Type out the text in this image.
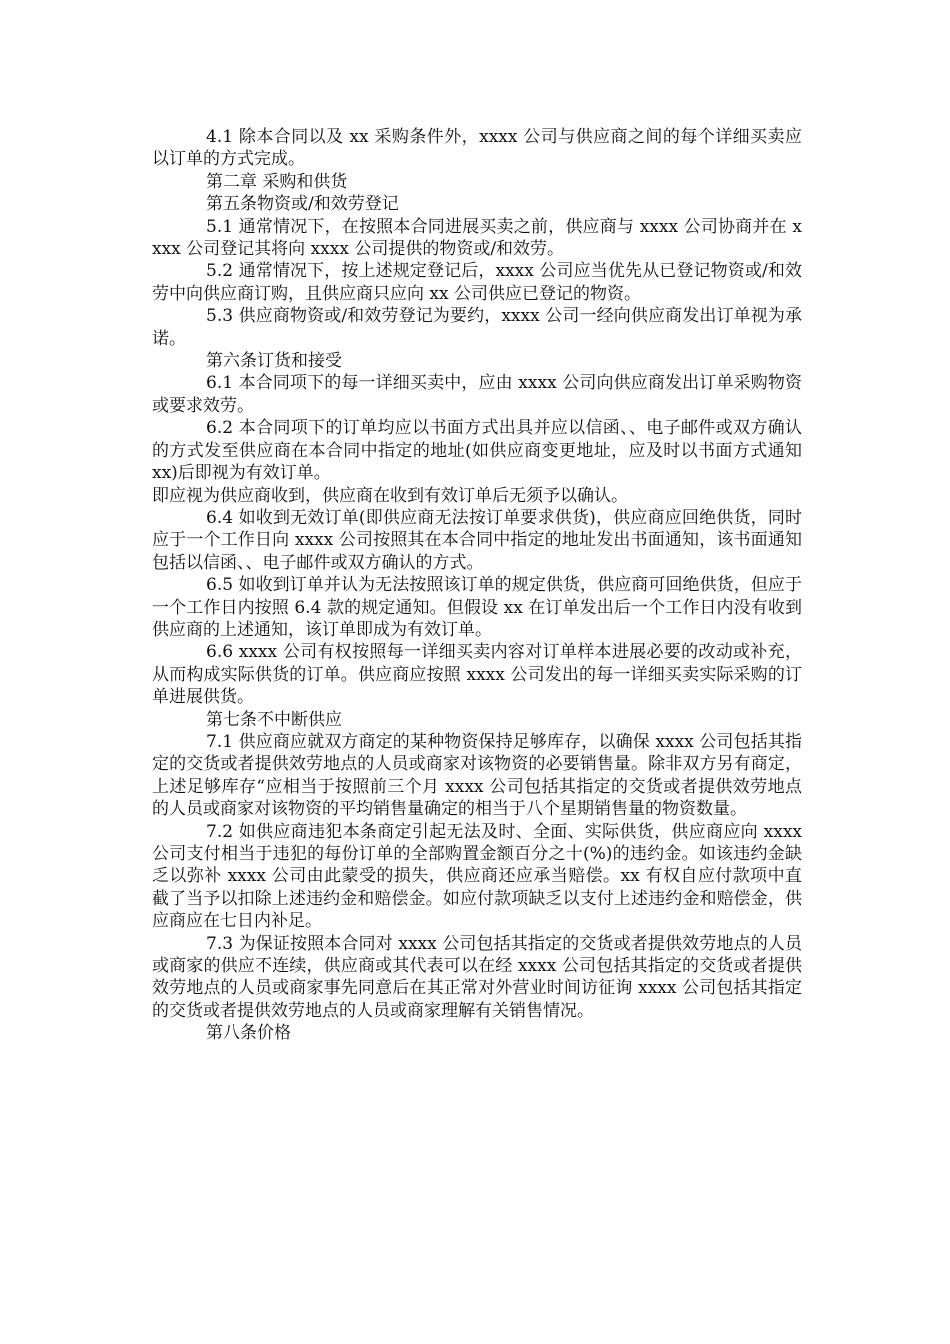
4.1 除本合同以及 xx 采购条件外，xxxx 公司与供应商之间的每个详细买卖应以订单的方式完成。

第二章 采购和供货

第五条物资或/和效劳登记

5.1 通常情况下，在按照本合同进展买卖之前，供应商与 xxxx 公司协商并在 xxxx 公司登记其将向 xxxx 公司提供的物资或/和效劳。

5.2 通常情况下，按上述规定登记后，xxxx 公司应当优先从已登记物资或/和效劳中向供应商订购，且供应商只应向 xx 公司供应已登记的物资。

5.3 供应商物资或/和效劳登记为要约，xxxx 公司一经向供应商发出订单视为承诺。

第六条订货和接受

6.1 本合同项下的每一详细买卖中，应由 xxxx 公司向供应商发出订单采购物资或要求效劳。

6.2 本合同项下的订单均应以书面方式出具并应以信函、、电子邮件或双方确认的方式发至供应商在本合同中指定的地址(如供应商变更地址，应及时以书面方式通知 xx)后即视为有效订单。

即应视为供应商收到，供应商在收到有效订单后无须予以确认。

6.4 如收到无效订单(即供应商无法按订单要求供货)，供应商应回绝供货，同时应于一个工作日向 xxxx 公司按照其在本合同中指定的地址发出书面通知，该书面通知包括以信函、、电子邮件或双方确认的方式。

6.5 如收到订单并认为无法按照该订单的规定供货，供应商可回绝供货，但应于一个工作日内按照 6.4 款的规定通知。但假设 xx 在订单发出后一个工作日内没有收到供应商的上述通知，该订单即成为有效订单。

6.6 xxxx 公司有权按照每一详细买卖内容对订单样本进展必要的改动或补充，从而构成实际供货的订单。供应商应按照 xxxx 公司发出的每一详细买卖实际采购的订单进展供货。

第七条不中断供应

7.1 供应商应就双方商定的某种物资保持足够库存，以确保 xxxx 公司包括其指定的交货或者提供效劳地点的人员或商家对该物资的必要销售量。除非双方另有商定，上述足够库存“应相当于按照前三个月 xxxx 公司包括其指定的交货或者提供效劳地点的人员或商家对该物资的平均销售量确定的相当于八个星期销售量的物资数量。

7.2 如供应商违犯本条商定引起无法及时、全面、实际供货，供应商应向 xxxx 公司支付相当于违犯的每份订单的全部购置金额百分之十(%)的违约金。如该违约金缺乏以弥补 xxxx 公司由此蒙受的损失，供应商还应承当赔偿。xx 有权自应付款项中直截了当予以扣除上述违约金和赔偿金。如应付款项缺乏以支付上述违约金和赔偿金，供应商应在七日内补足。

7.3 为保证按照本合同对 xxxx 公司包括其指定的交货或者提供效劳地点的人员或商家的供应不连续，供应商或其代表可以在经 xxxx 公司包括其指定的交货或者提供效劳地点的人员或商家事先同意后在其正常对外营业时间访征询 xxxx 公司包括其指定的交货或者提供效劳地点的人员或商家理解有关销售情况。

第八条价格
